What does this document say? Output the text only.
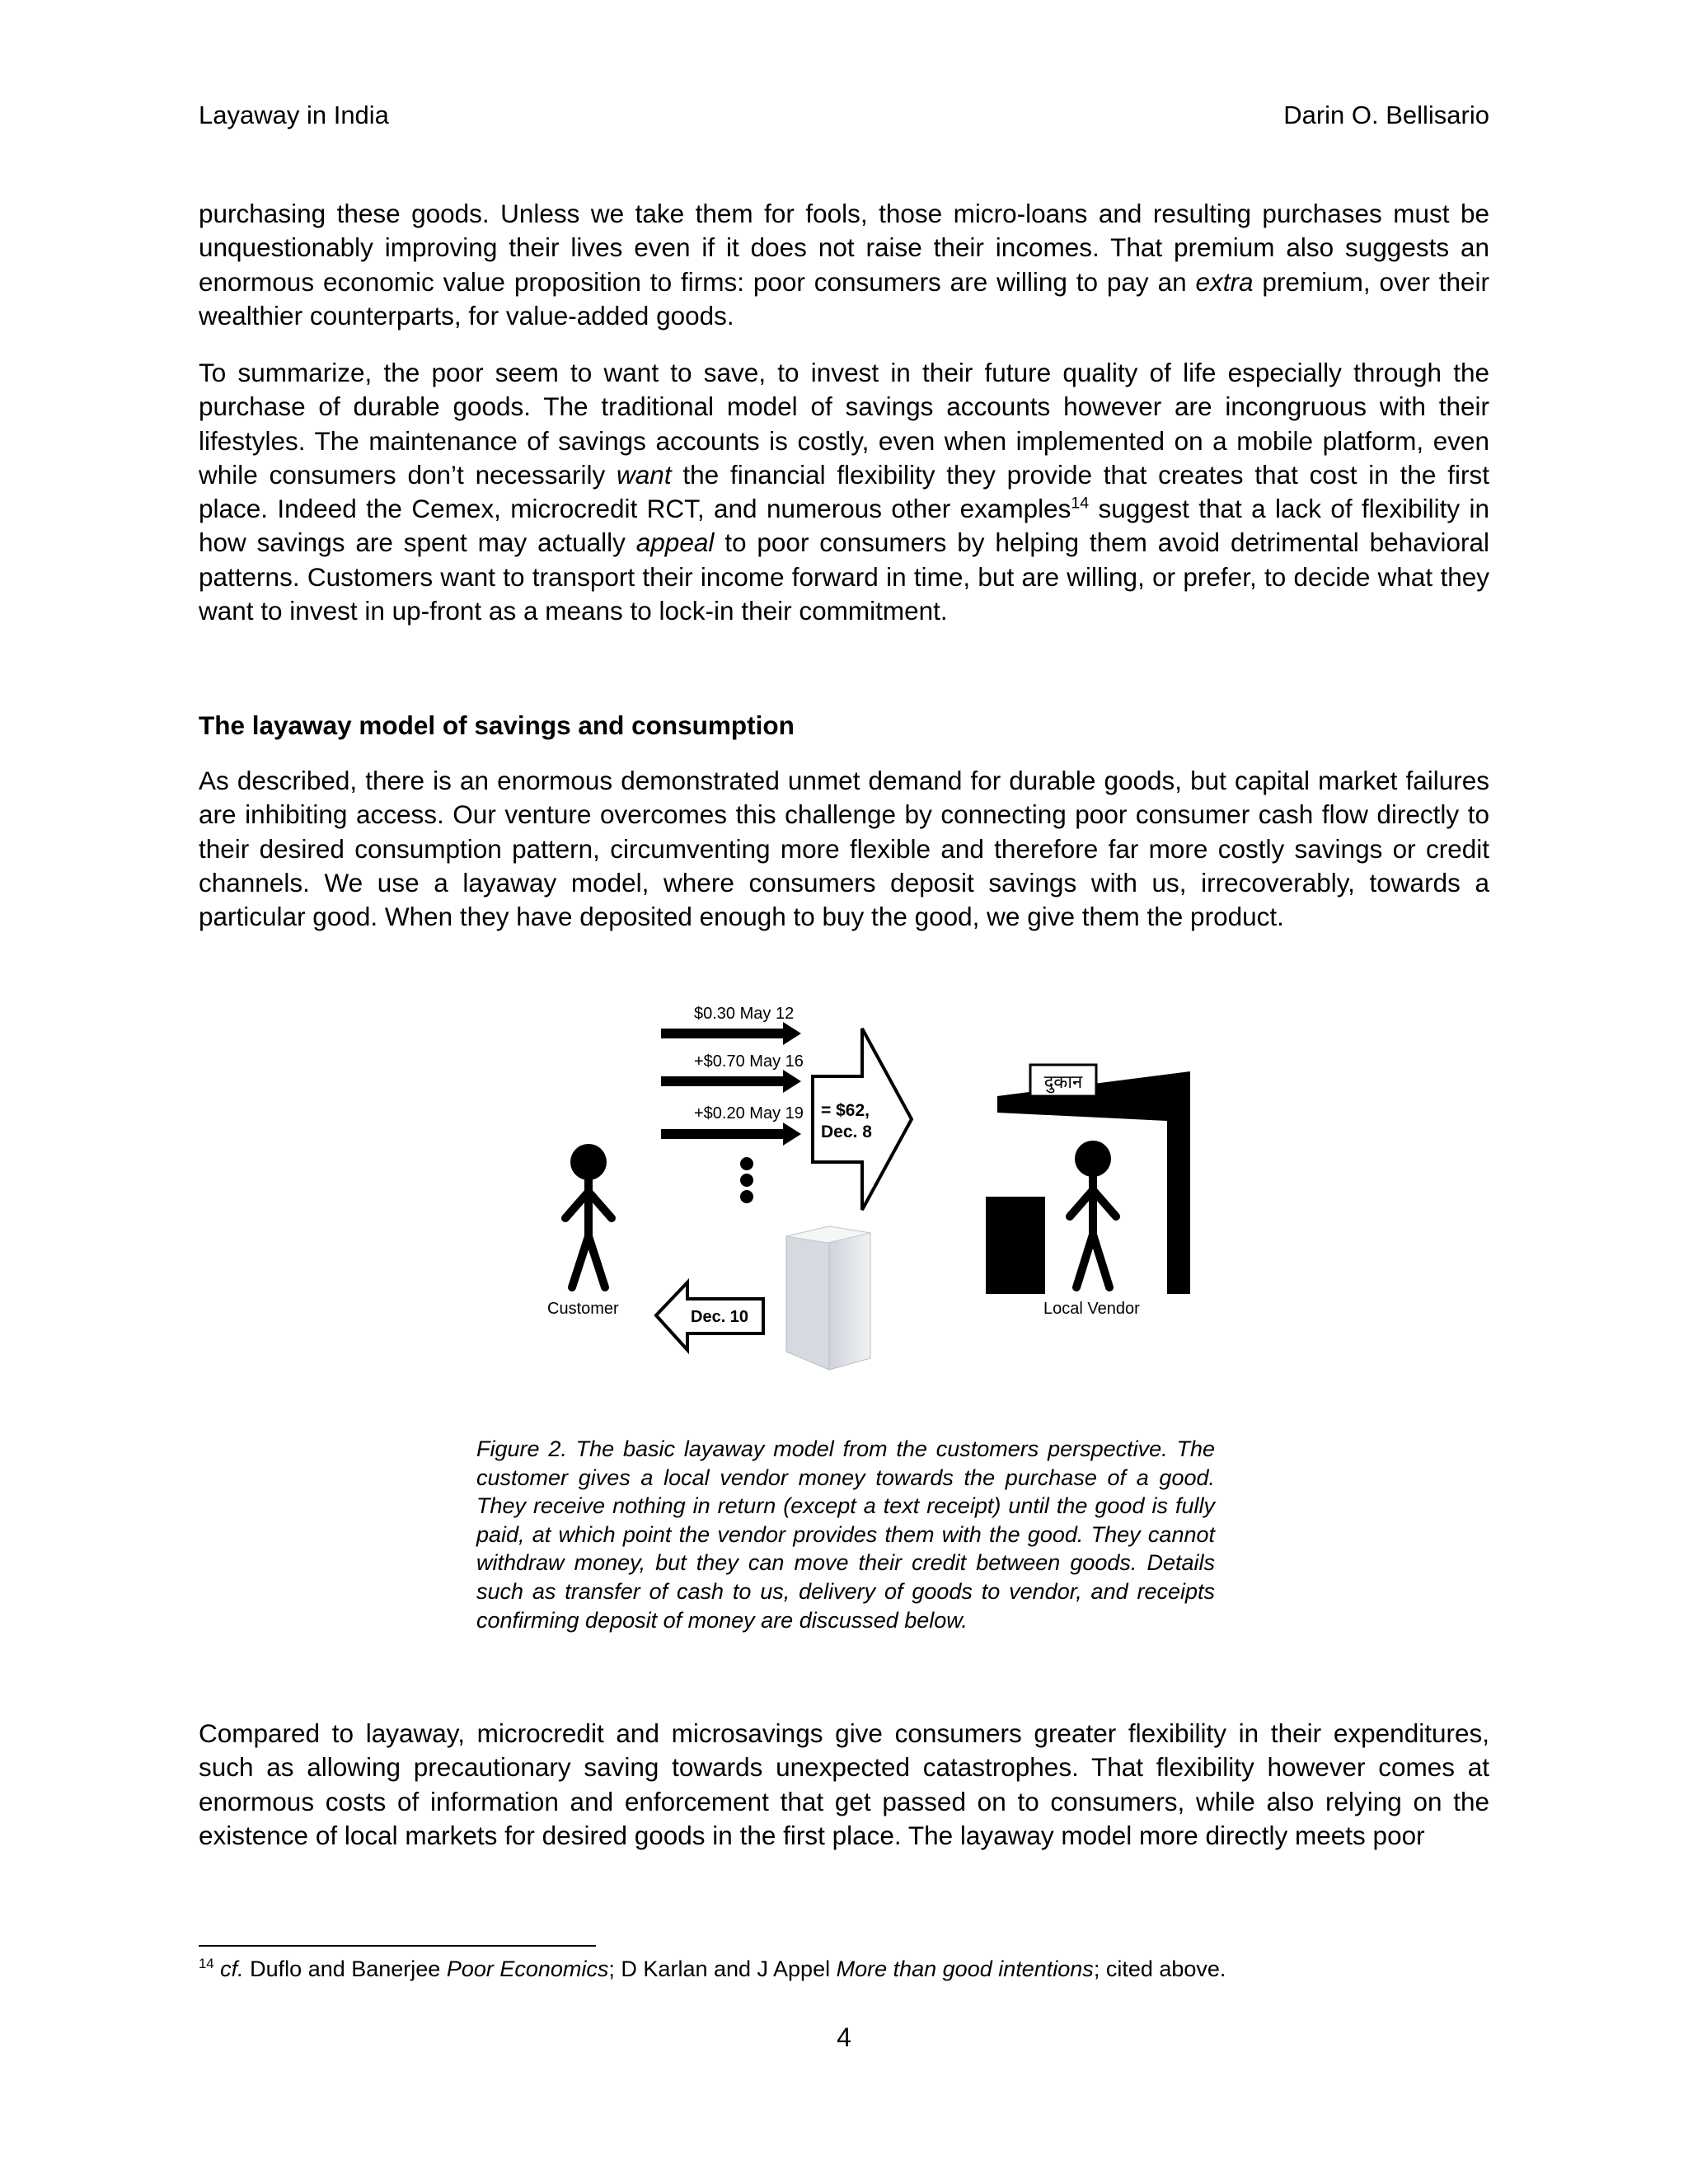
Layaway in India	Darin O. Bellisario
purchasing these goods. Unless we take them for fools, those micro-loans and resulting purchases must be unquestionably improving their lives even if it does not raise their incomes. That premium also suggests an enormous economic value proposition to firms: poor consumers are willing to pay an extra premium, over their wealthier counterparts, for value-added goods.
To summarize, the poor seem to want to save, to invest in their future quality of life especially through the purchase of durable goods. The traditional model of savings accounts however are incongruous with their lifestyles. The maintenance of savings accounts is costly, even when implemented on a mobile platform, even while consumers don’t necessarily want the financial flexibility they provide that creates that cost in the first place. Indeed the Cemex, microcredit RCT, and numerous other examples$^{14}$ suggest that a lack of flexibility in how savings are spent may actually appeal to poor consumers by helping them avoid detrimental behavioral patterns. Customers want to transport their income forward in time, but are willing, or prefer, to decide what they want to invest in up-front as a means to lock-in their commitment.
The layaway model of savings and consumption
As described, there is an enormous demonstrated unmet demand for durable goods, but capital market failures are inhibiting access. Our venture overcomes this challenge by connecting poor consumer cash flow directly to their desired consumption pattern, circumventing more flexible and therefore far more costly savings or credit channels. We use a layaway model, where consumers deposit savings with us, irrecoverably, towards a particular good. When they have deposited enough to buy the good, we give them the product.
$0.30 May 12
+$0.70 May 16
+$0.20 May 19 = $62,
Dec. 8
Customer
दुकान
Local Vendor
Dec. 10
Figure 2. The basic layaway model from the customers perspective. The customer gives a local vendor money towards the purchase of a good. They receive nothing in return (except a text receipt) until the good is fully paid, at which point the vendor provides them with the good. They cannot withdraw money, but they can move their credit between goods. Details such as transfer of cash to us, delivery of goods to vendor, and receipts confirming deposit of money are discussed below.
Compared to layaway, microcredit and microsavings give consumers greater flexibility in their expenditures, such as allowing precautionary saving towards unexpected catastrophes. That flexibility however comes at enormous costs of information and enforcement that get passed on to consumers, while also relying on the existence of local markets for desired goods in the first place. The layaway model more directly meets poor
$^{14}$ cf. Duflo and Banerjee Poor Economics; D Karlan and J Appel More than good intentions; cited above.
4
